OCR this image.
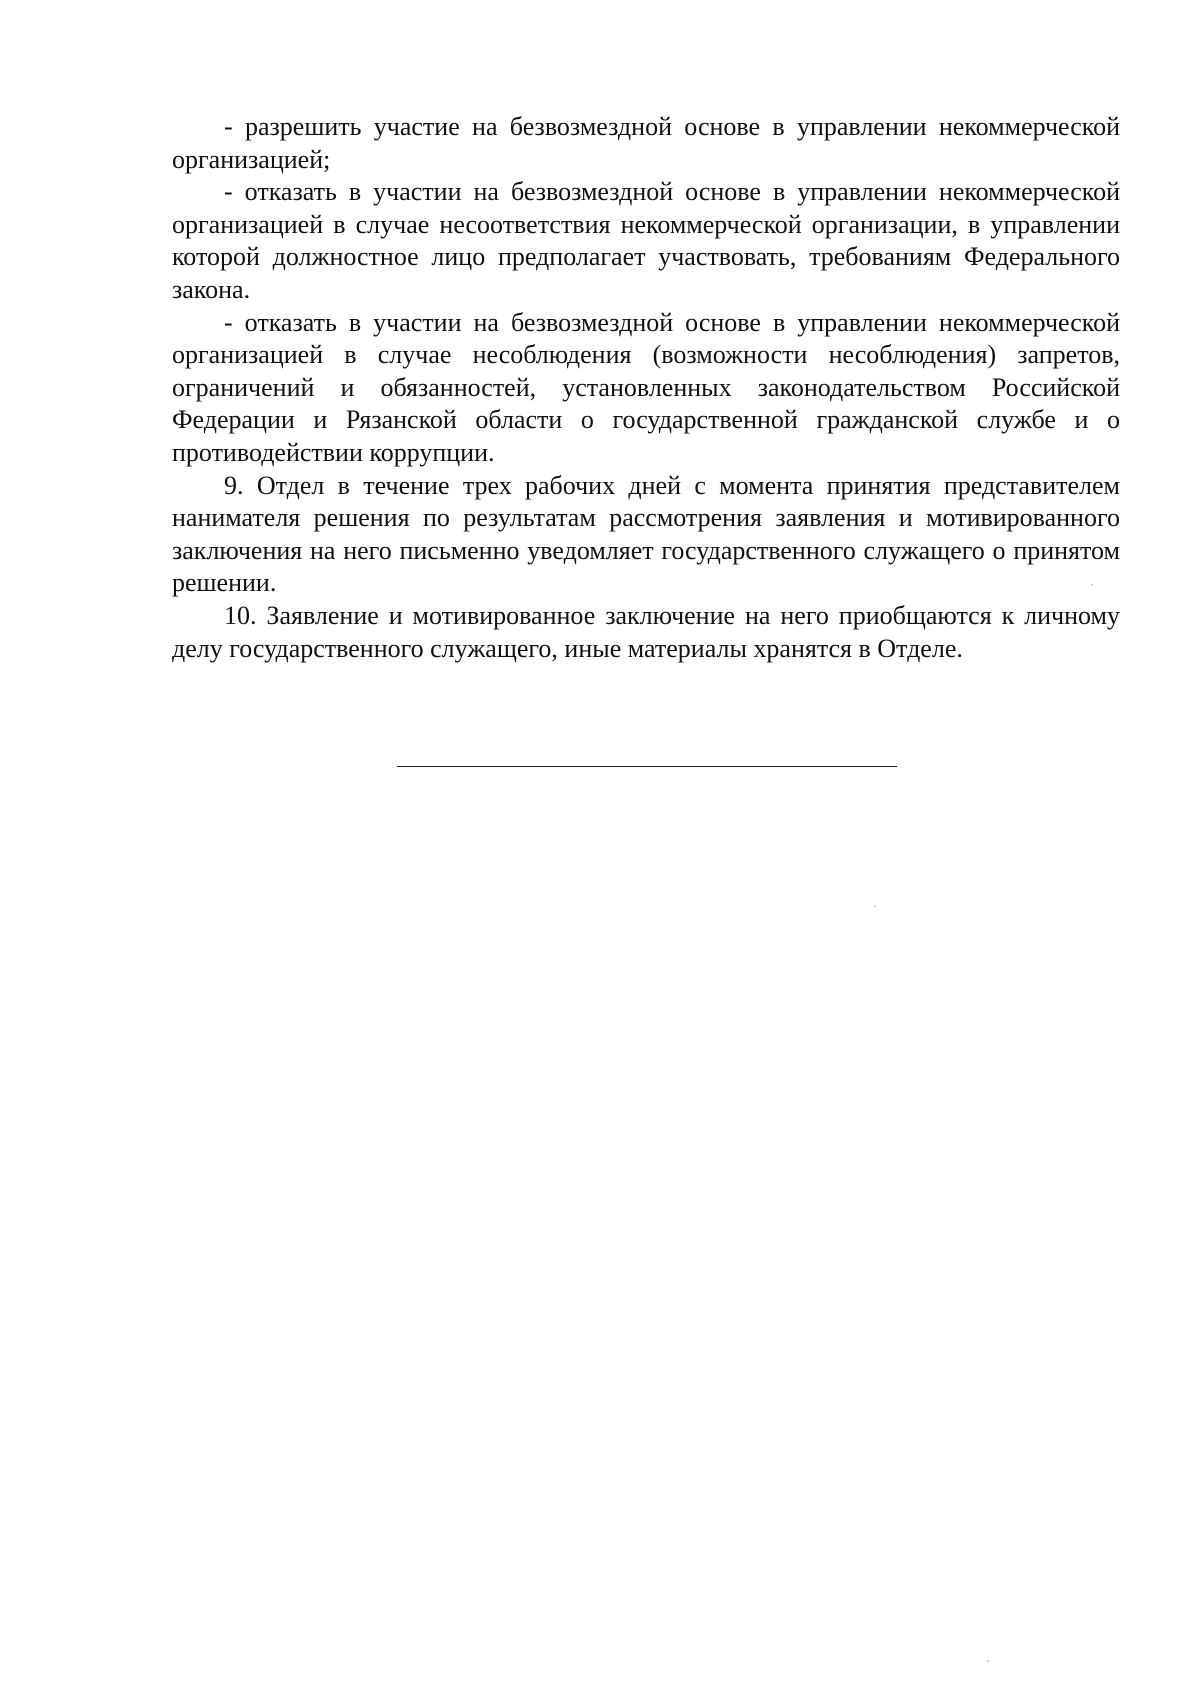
- разрешить участие на безвозмездной основе в управлении некоммерческой организацией;

- отказать в участии на безвозмездной основе в управлении некоммерческой организацией в случае несоответствия некоммерческой организации, в управлении которой должностное лицо предполагает участвовать, требованиям Федерального закона.

- отказать в участии на безвозмездной основе в управлении некоммерческой организацией в случае несоблюдения (возможности несоблюдения) запретов, ограничений и обязанностей, установленных законодательством Российской Федерации и Рязанской области о государственной гражданской службе и о противодействии коррупции.

9. Отдел в течение трех рабочих дней с момента принятия представителем нанимателя решения по результатам рассмотрения заявления и мотивированного заключения на него письменно уведомляет государственного служащего о принятом решении.

10. Заявление и мотивированное заключение на него приобщаются к личному делу государственного служащего, иные материалы хранятся в Отделе.
